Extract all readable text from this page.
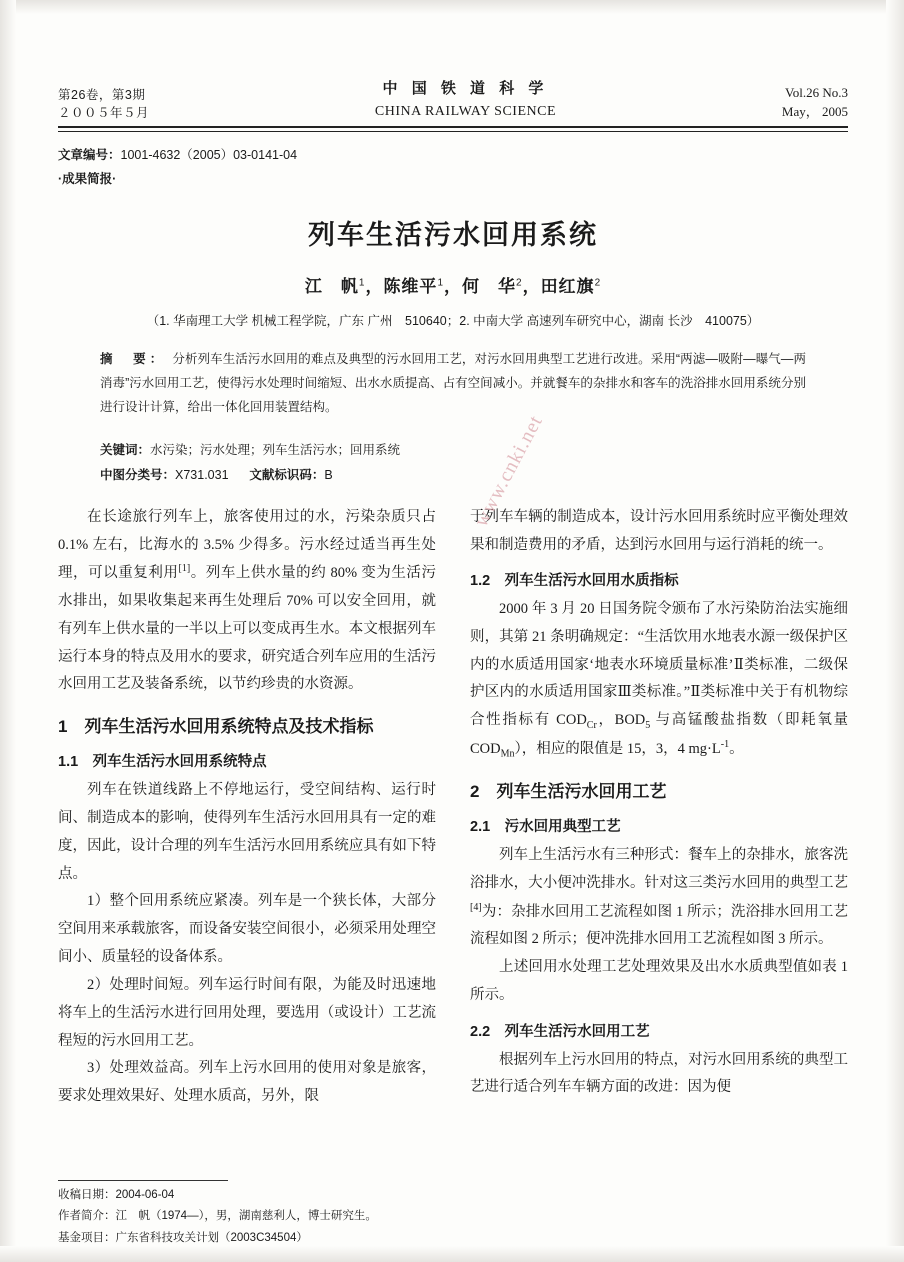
第26卷，第3期
２００５年５月
中 国 铁 道 科 学
CHINA RAILWAY SCIENCE
Vol.26 No.3
May， 2005
文章编号：1001-4632（2005）03-0141-04
·成果简报·
列车生活污水回用系统
江　帆$^1$，陈维平$^1$，何　华$^2$，田红旗$^2$
（1. 华南理工大学 机械工程学院，广东 广州　510640；2. 中南大学 高速列车研究中心，湖南 长沙　410075）
摘　要： 分析列车生活污水回用的难点及典型的污水回用工艺，对污水回用典型工艺进行改进。采用“两滤—吸附—曝气—两消毒”污水回用工艺，使得污水处理时间缩短、出水水质提高、占有空间减小。并就餐车的杂排水和客车的洗浴排水回用系统分别进行设计计算，给出一体化回用装置结构。
关键词：水污染；污水处理；列车生活污水；回用系统
中图分类号：X731.031 文献标识码：B

在长途旅行列车上，旅客使用过的水，污染杂质只占 0.1% 左右，比海水的 3.5% 少得多。污水经过适当再生处理，可以重复利用[1]。列车上供水量的约 80% 变为生活污水排出，如果收集起来再生处理后 70% 可以安全回用，就有列车上供水量的一半以上可以变成再生水。本文根据列车运行本身的特点及用水的要求，研究适合列车应用的生活污水回用工艺及装备系统，以节约珍贵的水资源。

1　列车生活污水回用系统特点及技术指标
1.1　列车生活污水回用系统特点

列车在铁道线路上不停地运行，受空间结构、运行时间、制造成本的影响，使得列车生活污水回用具有一定的难度，因此，设计合理的列车生活污水回用系统应具有如下特点。

1）整个回用系统应紧凑。列车是一个狭长体，大部分空间用来承载旅客，而设备安装空间很小，必须采用处理空间小、质量轻的设备体系。

2）处理时间短。列车运行时间有限，为能及时迅速地将车上的生活污水进行回用处理，要选用（或设计）工艺流程短的污水回用工艺。

3）处理效益高。列车上污水回用的使用对象是旅客，要求处理效果好、处理水质高，另外，限

于列车车辆的制造成本，设计污水回用系统时应平衡处理效果和制造费用的矛盾，达到污水回用与运行消耗的统一。

1.2　列车生活污水回用水质指标

2000 年 3 月 20 日国务院令颁布了水污染防治法实施细则，其第 21 条明确规定：“生活饮用水地表水源一级保护区内的水质适用国家‘地表水环境质量标准’Ⅱ类标准，二级保护区内的水质适用国家Ⅲ类标准。”Ⅱ类标准中关于有机物综合性指标有 $COD_{Cr}$，$BOD_5$ 与高锰酸盐指数（即耗氧量 $COD_{Mn}$），相应的限值是 15，3，4 mg·L$^{-1}$。

2　列车生活污水回用工艺
2.1　污水回用典型工艺

列车上生活污水有三种形式：餐车上的杂排水，旅客洗浴排水，大小便冲洗排水。针对这三类污水回用的典型工艺[4]为：杂排水回用工艺流程如图 1 所示；洗浴排水回用工艺流程如图 2 所示；便冲洗排水回用工艺流程如图 3 所示。

上述回用水处理工艺处理效果及出水水质典型值如表 1 所示。

2.2　列车生活污水回用工艺

根据列车上污水回用的特点，对污水回用系统的典型工艺进行适合列车车辆方面的改进：因为便

www.cnki.net
收稿日期：2004-06-04
作者简介：江　帆（1974—），男，湖南慈利人，博士研究生。
基金项目：广东省科技攻关计划（2003C34504）
